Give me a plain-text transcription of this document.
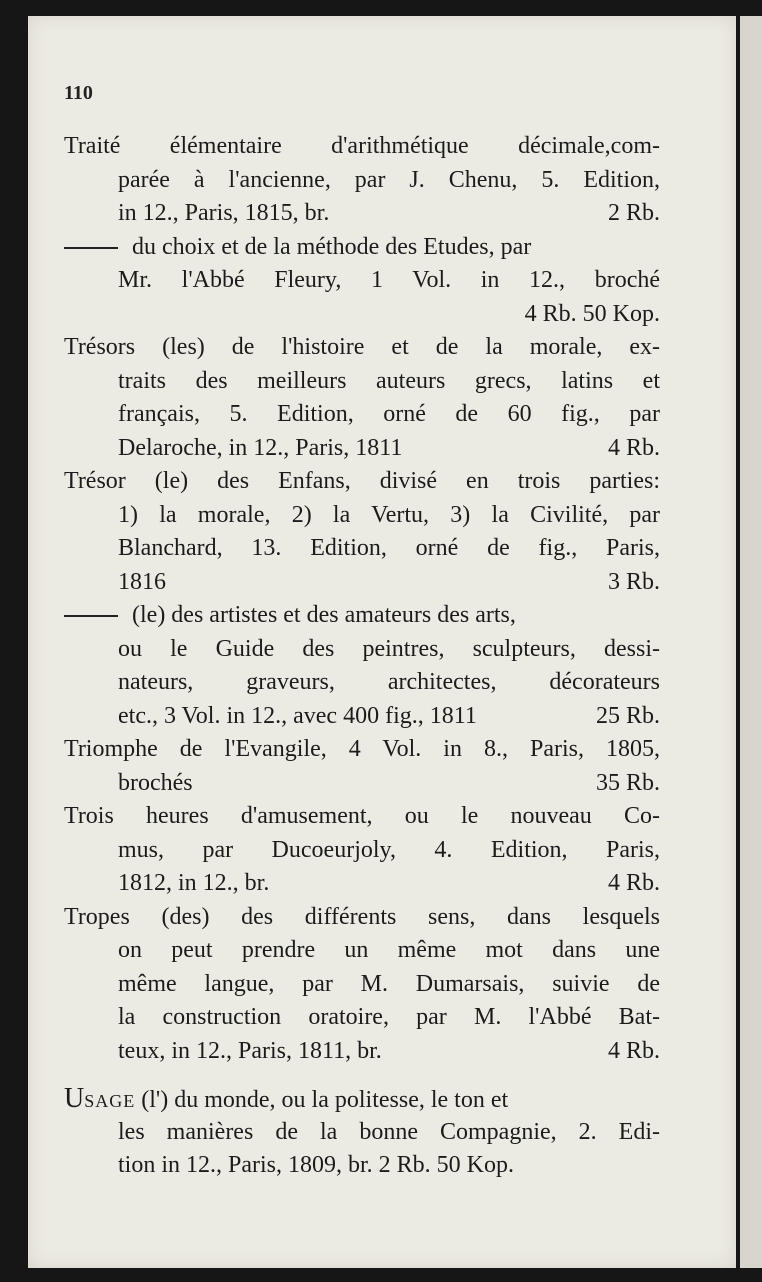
110
Traité élémentaire d'arithmétique décimale,com-
parée à l'ancienne, par J. Chenu, 5. Edition,
in 12., Paris, 1815, br.	2 Rb.
du choix et de la méthode des Etudes, par
Mr. l'Abbé Fleury, 1 Vol. in 12., broché
4 Rb. 50 Kop.
Trésors (les) de l'histoire et de la morale, ex-
traits des meilleurs auteurs grecs, latins et
français, 5. Edition, orné de 60 fig., par
Delaroche, in 12., Paris, 1811	4 Rb.
Trésor (le) des Enfans, divisé en trois parties:
1) la morale, 2) la Vertu, 3) la Civilité, par
Blanchard, 13. Edition, orné de fig., Paris,
1816	3 Rb.
(le) des artistes et des amateurs des arts,
ou le Guide des peintres, sculpteurs, dessi-
nateurs, graveurs, architectes, décorateurs
etc., 3 Vol. in 12., avec 400 fig., 1811	25 Rb.
Triomphe de l'Evangile, 4 Vol. in 8., Paris, 1805,
brochés	35 Rb.
Trois heures d'amusement, ou le nouveau Co-
mus, par Ducoeurjoly, 4. Edition, Paris,
1812, in 12., br.	4 Rb.
Tropes (des) des différents sens, dans lesquels
on peut prendre un même mot dans une
même langue, par M. Dumarsais, suivie de
la construction oratoire, par M. l'Abbé Bat-
teux, in 12., Paris, 1811, br.	4 Rb.
USAGE (l') du monde, ou la politesse, le ton et
les manières de la bonne Compagnie, 2. Edi-
tion in 12., Paris, 1809, br. 2 Rb. 50 Kop.
